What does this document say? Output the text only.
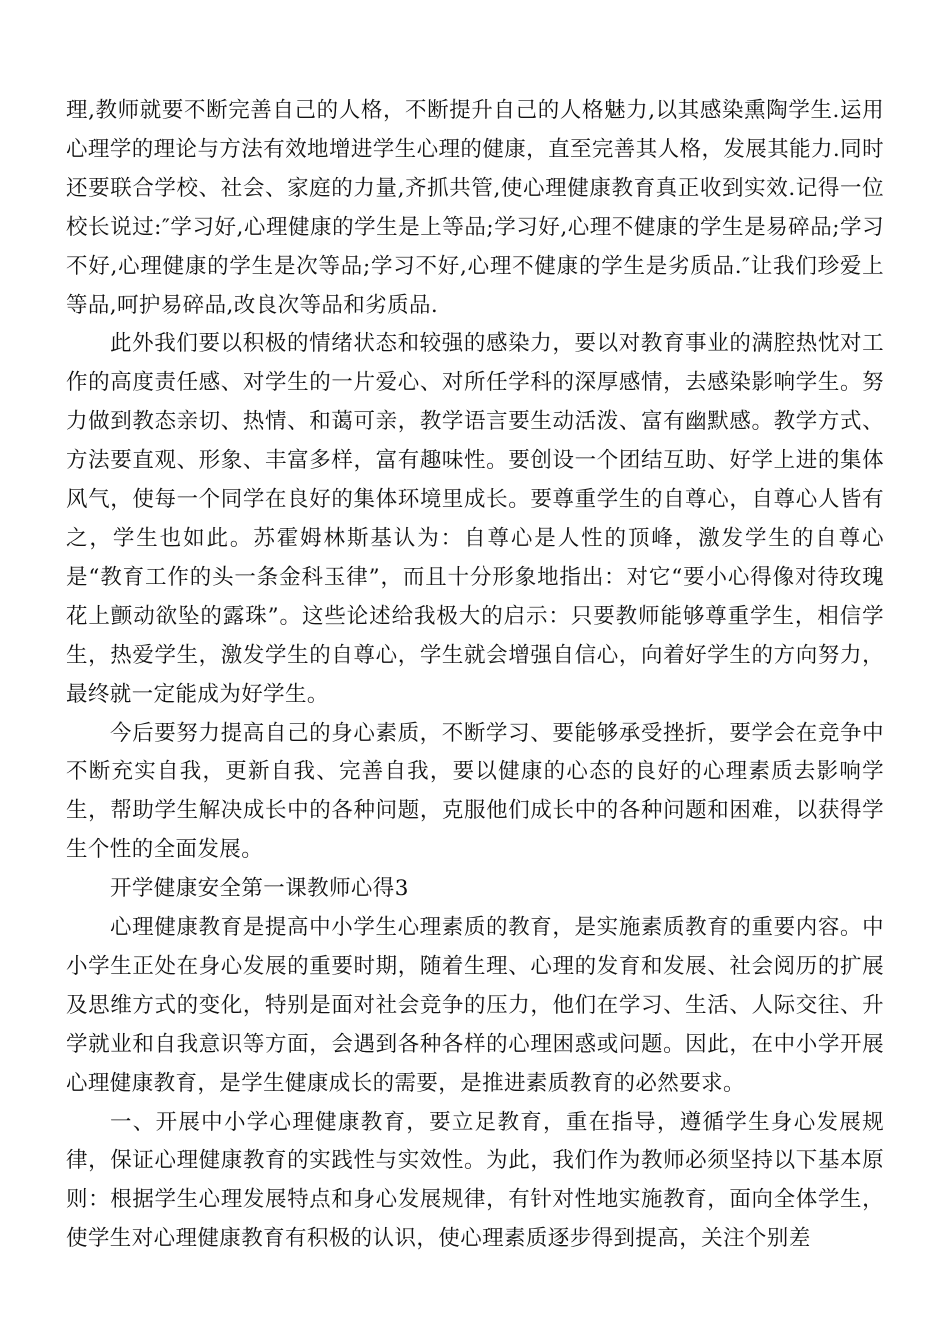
理,教师就要不断完善自己的人格，不断提升自己的人格魅力,以其感染熏陶学生.运用心理学的理论与方法有效地增进学生心理的健康，直至完善其人格，发展其能力.同时还要联合学校、社会、家庭的力量,齐抓共管,使心理健康教育真正收到实效.记得一位校长说过:″学习好,心理健康的学生是上等品;学习好,心理不健康的学生是易碎品;学习不好,心理健康的学生是次等品;学习不好,心理不健康的学生是劣质品.″让我们珍爱上等品,呵护易碎品,改良次等品和劣质品.

此外我们要以积极的情绪状态和较强的感染力，要以对教育事业的满腔热忱对工作的高度责任感、对学生的一片爱心、对所任学科的深厚感情，去感染影响学生。努力做到教态亲切、热情、和蔼可亲，教学语言要生动活泼、富有幽默感。教学方式、方法要直观、形象、丰富多样，富有趣味性。要创设一个团结互助、好学上进的集体风气，使每一个同学在良好的集体环境里成长。要尊重学生的自尊心，自尊心人皆有之，学生也如此。苏霍姆林斯基认为：自尊心是人性的顶峰，激发学生的自尊心是“教育工作的头一条金科玉律”，而且十分形象地指出：对它“要小心得像对待玫瑰花上颤动欲坠的露珠”。这些论述给我极大的启示：只要教师能够尊重学生，相信学生，热爱学生，激发学生的自尊心，学生就会增强自信心，向着好学生的方向努力，最终就一定能成为好学生。

今后要努力提高自己的身心素质，不断学习、要能够承受挫折，要学会在竞争中不断充实自我，更新自我、完善自我，要以健康的心态的良好的心理素质去影响学生，帮助学生解决成长中的各种问题，克服他们成长中的各种问题和困难，以获得学生个性的全面发展。

开学健康安全第一课教师心得3

心理健康教育是提高中小学生心理素质的教育，是实施素质教育的重要内容。中小学生正处在身心发展的重要时期，随着生理、心理的发育和发展、社会阅历的扩展及思维方式的变化，特别是面对社会竞争的压力，他们在学习、生活、人际交往、升学就业和自我意识等方面，会遇到各种各样的心理困惑或问题。因此，在中小学开展心理健康教育，是学生健康成长的需要，是推进素质教育的必然要求。

一、开展中小学心理健康教育，要立足教育，重在指导，遵循学生身心发展规律，保证心理健康教育的实践性与实效性。为此，我们作为教师必须坚持以下基本原则：根据学生心理发展特点和身心发展规律，有针对性地实施教育，面向全体学生，使学生对心理健康教育有积极的认识，使心理素质逐步得到提高，关注个别差
